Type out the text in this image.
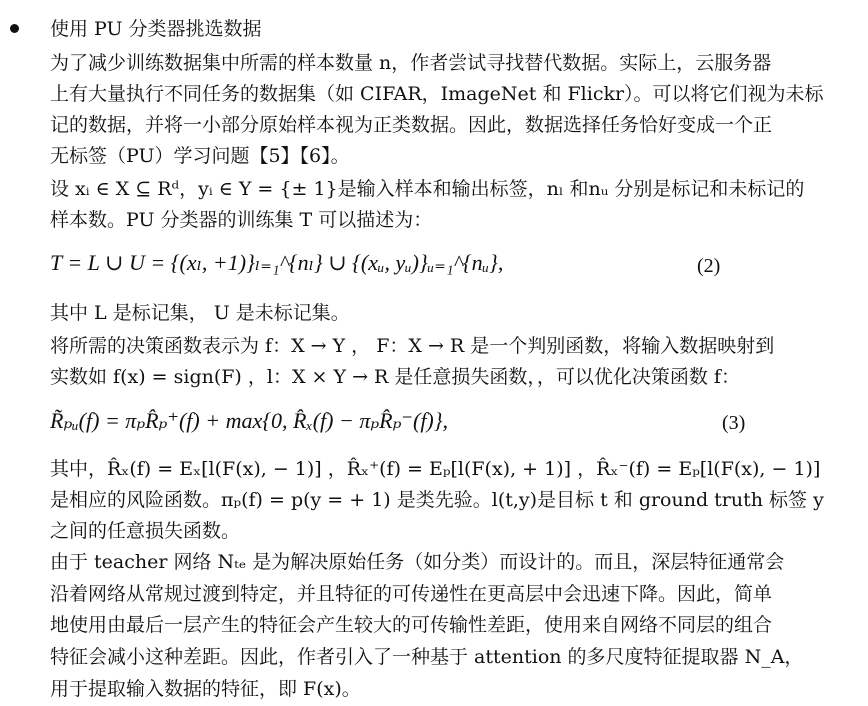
使用 PU 分类器挑选数据
为了减少训练数据集中所需的样本数量 n，作者尝试寻找替代数据。实际上，云服务器
上有大量执行不同任务的数据集（如 CIFAR，ImageNet 和 Flickr）。可以将它们视为未标
记的数据，并将一小部分原始样本视为正类数据。因此，数据选择任务恰好变成一个正
无标签（PU）学习问题【5】【6】。
设 xᵢ ∈ X ⊆ Rᵈ，yᵢ ∈ Y = {± 1}是输入样本和输出标签，nₗ 和nᵤ 分别是标记和未标记的
样本数。PU 分类器的训练集 T 可以描述为：
T = L ∪ U = {(xₗ, +1)}ₗ₌₁^{nₗ} ∪ {(xᵤ, yᵤ)}ᵤ₌₁^{nᵤ},	(2)
其中 L 是标记集， U 是未标记集。
将所需的决策函数表示为 f：X → Y ， F：X → R 是一个判别函数，将输入数据映射到
实数如 f(x) = sign(F) ，l：X × Y → R 是任意损失函数，，可以优化决策函数 f：
R̃ₚᵤ(f) = πₚR̂ₚ⁺(f) + max{0, R̂ₓ(f) − πₚR̂ₚ⁻(f)},	(3)
其中，R̂ₓ(f) = Eₓ[l(F(x), − 1)] ，R̂ₓ⁺(f) = Eₚ[l(F(x), + 1)] ，R̂ₓ⁻(f) = Eₚ[l(F(x), − 1)]
是相应的风险函数。πₚ(f) = p(y = + 1) 是类先验。l(t,y)是目标 t 和 ground truth 标签 y
之间的任意损失函数。
由于 teacher 网络 Nₜₑ 是为解决原始任务（如分类）而设计的。而且，深层特征通常会
沿着网络从常规过渡到特定，并且特征的可传递性在更高层中会迅速下降。因此，简单
地使用由最后一层产生的特征会产生较大的可传输性差距，使用来自网络不同层的组合
特征会减小这种差距。因此，作者引入了一种基于 attention 的多尺度特征提取器 N_A，
用于提取输入数据的特征，即 F(x)。
